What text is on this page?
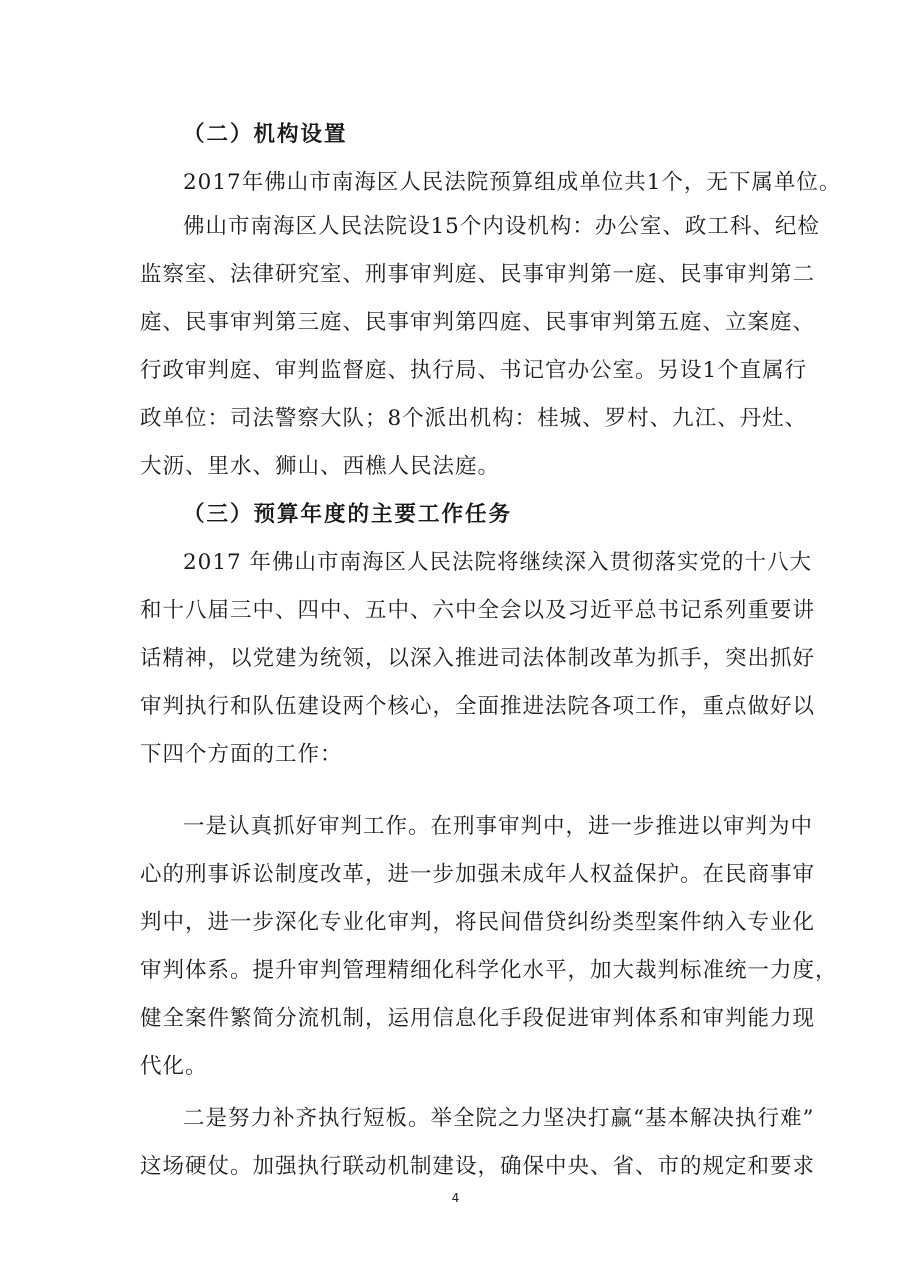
（二）机构设置
2017年佛山市南海区人民法院预算组成单位共1个，无下属单位。
佛山市南海区人民法院设15个内设机构：办公室、政工科、纪检
监察室、法律研究室、刑事审判庭、民事审判第一庭、民事审判第二
庭、民事审判第三庭、民事审判第四庭、民事审判第五庭、立案庭、
行政审判庭、审判监督庭、执行局、书记官办公室。另设1个直属行
政单位：司法警察大队；8个派出机构：桂城、罗村、九江、丹灶、
大沥、里水、狮山、西樵人民法庭。
（三）预算年度的主要工作任务
2017 年佛山市南海区人民法院将继续深入贯彻落实党的十八大
和十八届三中、四中、五中、六中全会以及习近平总书记系列重要讲
话精神，以党建为统领，以深入推进司法体制改革为抓手，突出抓好
审判执行和队伍建设两个核心，全面推进法院各项工作，重点做好以
下四个方面的工作：
一是认真抓好审判工作。在刑事审判中，进一步推进以审判为中
心的刑事诉讼制度改革，进一步加强未成年人权益保护。在民商事审
判中，进一步深化专业化审判，将民间借贷纠纷类型案件纳入专业化
审判体系。提升审判管理精细化科学化水平，加大裁判标准统一力度，
健全案件繁简分流机制，运用信息化手段促进审判体系和审判能力现
代化。
二是努力补齐执行短板。举全院之力坚决打赢“基本解决执行难”
这场硬仗。加强执行联动机制建设，确保中央、省、市的规定和要求
4
